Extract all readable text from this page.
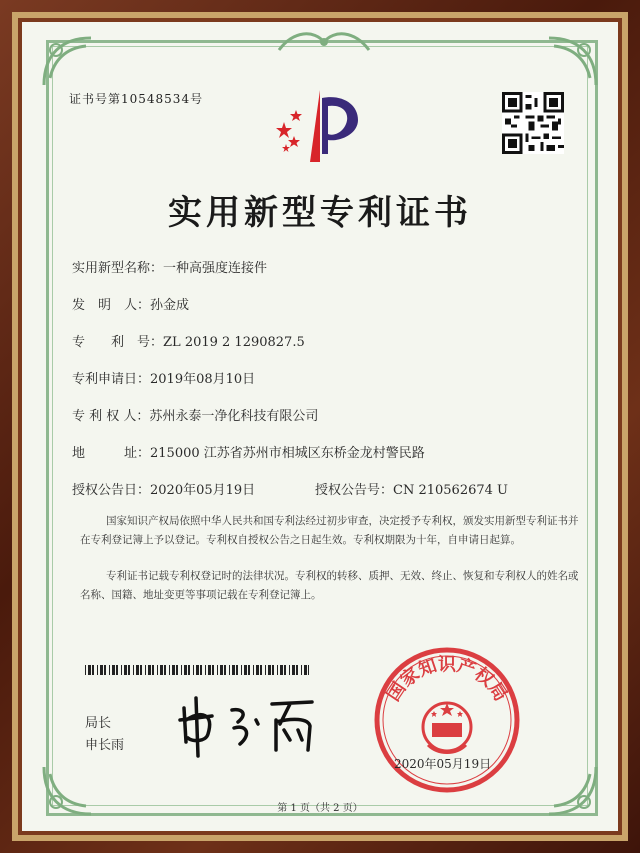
证书号第10548534号
实用新型专利证书
实用新型名称：一种高强度连接件
发　明　人：孙金成
专　　利　号：ZL 2019 2 1290827.5
专利申请日：2019年08月10日
专 利 权 人：苏州永泰一净化科技有限公司
地　　　址：215000 江苏省苏州市相城区东桥金龙村警民路
授权公告日：2020年05月19日	授权公告号：CN 210562674 U
国家知识产权局依照中华人民共和国专利法经过初步审查，决定授予专利权，颁发实用新型专利证书并在专利登记簿上予以登记。专利权自授权公告之日起生效。专利权期限为十年，自申请日起算。
专利证书记载专利权登记时的法律状况。专利权的转移、质押、无效、终止、恢复和专利权人的姓名或名称、国籍、地址变更等事项记载在专利登记簿上。
局长
申长雨
国家知识产权局
2020年05月19日
第 1 页（共 2 页）
